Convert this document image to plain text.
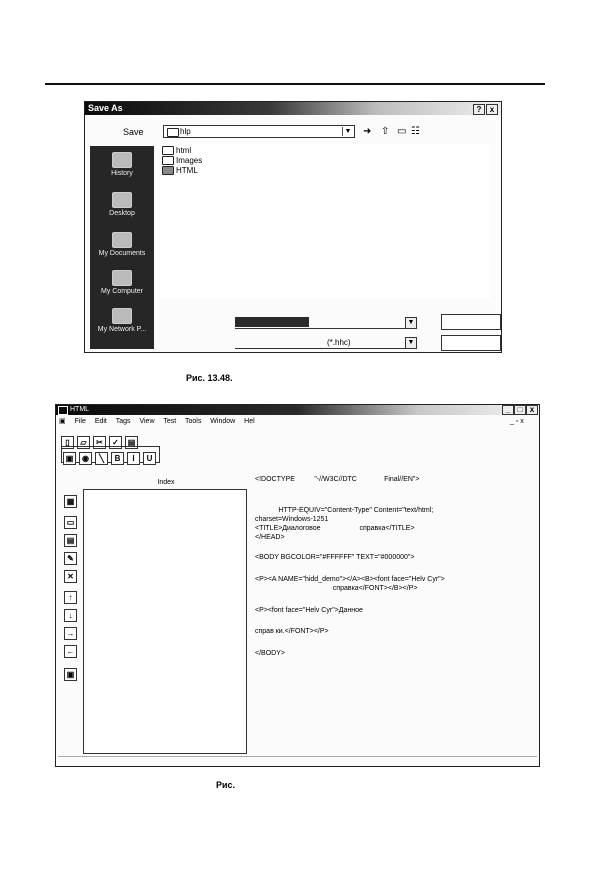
Save As	?	x
Save	hlp	▼ ➜ ⇧ ▭ ☷
History
Desktop
My Documents
My Computer
My Network P...
html
Images
HTML
▼
(*.hhc)	▼
Рис. 13.48.
HTML	_ □ x
▣ File Edit Tags View Test Tools Window Hel	_ ▫ x
▯ ▱ ✂ ✓ ▤
▣ ◉ ╲ B I U
▦
▭
▤
✎
✕
↑
↓
→
←
▣
Index	<!DOCTYPE          "-//W3C//DTC              Final//EN">
HTTP-EQUIV="Content-Type" Content="text/html;
charset=Windows-1251
<TITLE>Диалоговое                    справка</TITLE>
</HEAD>
<BODY BGCOLOR="#FFFFFF" TEXT="#000000">
<P><A NAME="hidd_demo"></A><B><font face="Helv Cyr">
справка</FONT></B></P>
<P><font face="Helv Cyr">Данное
справ ки.</FONT></P>
</BODY>
Рис.
